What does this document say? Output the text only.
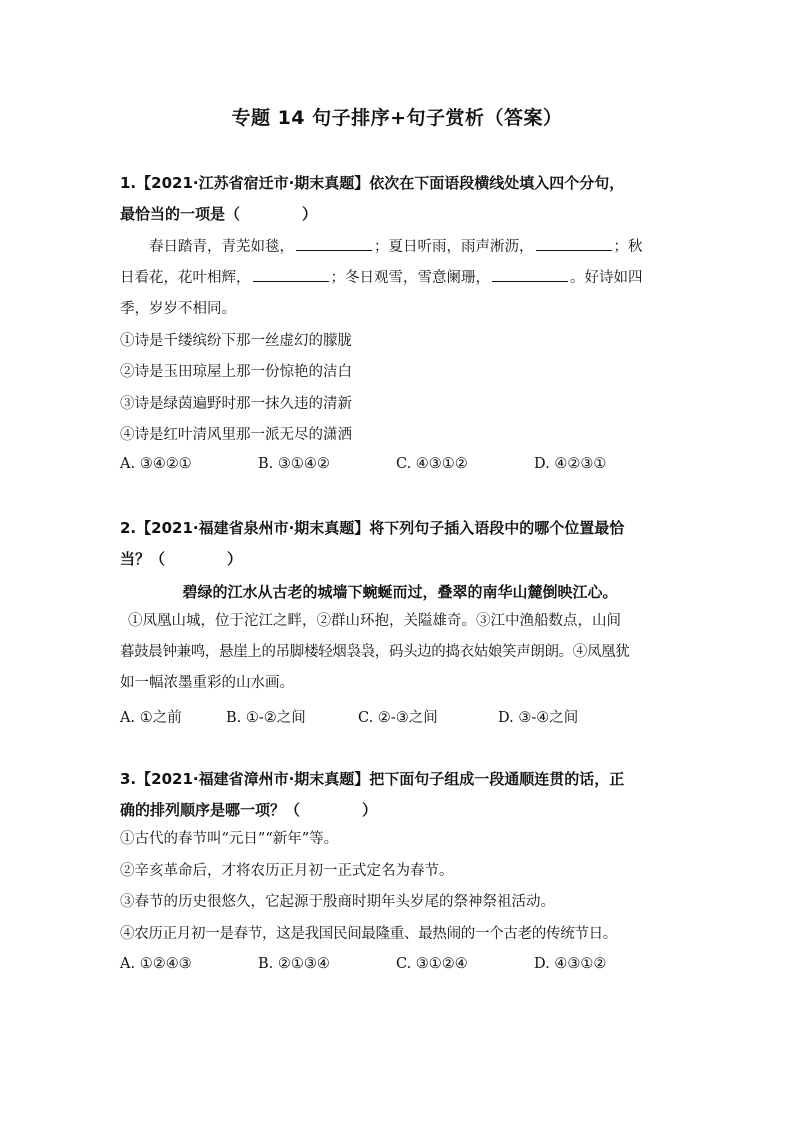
专题 14 句子排序+句子赏析（答案）
1.【2021·江苏省宿迁市·期末真题】依次在下面语段横线处填入四个分句，
最恰当的一项是（	）
春日踏青，青芜如毯，	；夏日听雨，雨声淅沥，	；秋
日看花，花叶相辉，	；冬日观雪，雪意阑珊，	。好诗如四
季，岁岁不相同。
①诗是千缕缤纷下那一丝虚幻的朦胧
②诗是玉田琼屋上那一份惊艳的洁白
③诗是绿茵遍野时那一抹久违的清新
④诗是红叶清风里那一派无尽的潇洒
A. ③④②①	B. ③①④②	C. ④③①②	D. ④②③①
2.【2021·福建省泉州市·期末真题】将下列句子插入语段中的哪个位置最恰
当？（	）
碧绿的江水从古老的城墙下蜿蜒而过，叠翠的南华山麓倒映江心。
①凤凰山城，位于沱江之畔，②群山环抱，关隘雄奇。③江中渔船数点，山间
暮鼓晨钟兼鸣，悬崖上的吊脚楼轻烟袅袅，码头边的捣衣姑娘笑声朗朗。④凤凰犹
如一幅浓墨重彩的山水画。
A. ①之前	B. ①-②之间	C. ②-③之间	D. ③-④之间
3.【2021·福建省漳州市·期末真题】把下面句子组成一段通顺连贯的话，正
确的排列顺序是哪一项？（	）
①古代的春节叫“元日”“新年”等。
②辛亥革命后，才将农历正月初一正式定名为春节。
③春节的历史很悠久，它起源于殷商时期年头岁尾的祭神祭祖活动。
④农历正月初一是春节，这是我国民间最隆重、最热闹的一个古老的传统节日。
A. ①②④③	B. ②①③④	C. ③①②④	D. ④③①②
